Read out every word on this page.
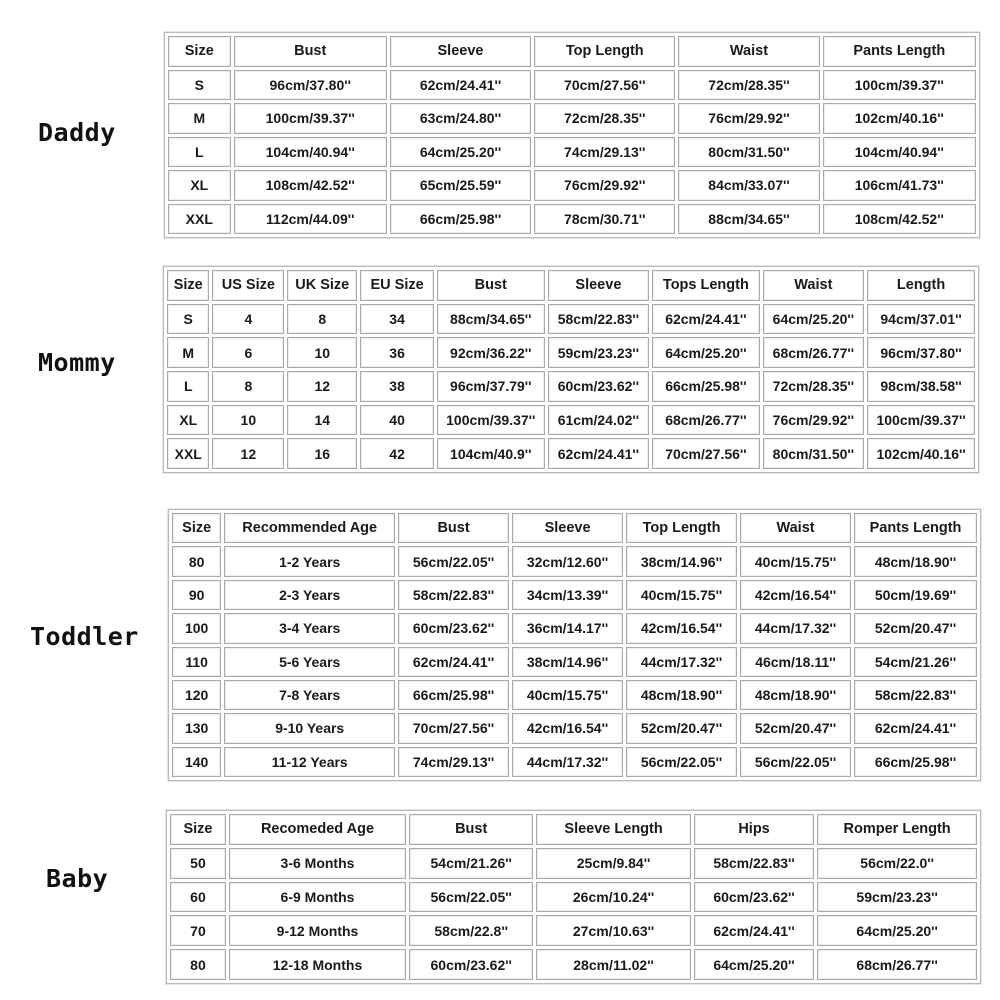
Daddy
Size	Bust	Sleeve	Top Length	Waist	Pants Length
S	96cm/37.80''	62cm/24.41''	70cm/27.56''	72cm/28.35''	100cm/39.37''
M	100cm/39.37''	63cm/24.80''	72cm/28.35''	76cm/29.92''	102cm/40.16''
L	104cm/40.94''	64cm/25.20''	74cm/29.13''	80cm/31.50''	104cm/40.94''
XL	108cm/42.52''	65cm/25.59''	76cm/29.92''	84cm/33.07''	106cm/41.73''
XXL	112cm/44.09''	66cm/25.98''	78cm/30.71''	88cm/34.65''	108cm/42.52''
Mommy
Size	US Size	UK Size	EU Size	Bust	Sleeve	Tops Length	Waist	Length
S	4	8	34	88cm/34.65''	58cm/22.83''	62cm/24.41''	64cm/25.20''	94cm/37.01''
M	6	10	36	92cm/36.22''	59cm/23.23''	64cm/25.20''	68cm/26.77''	96cm/37.80''
L	8	12	38	96cm/37.79''	60cm/23.62''	66cm/25.98''	72cm/28.35''	98cm/38.58''
XL	10	14	40	100cm/39.37''	61cm/24.02''	68cm/26.77''	76cm/29.92''	100cm/39.37''
XXL	12	16	42	104cm/40.9''	62cm/24.41''	70cm/27.56''	80cm/31.50''	102cm/40.16''
Toddler
Size	Recommended Age	Bust	Sleeve	Top Length	Waist	Pants Length
80	1-2 Years	56cm/22.05''	32cm/12.60''	38cm/14.96''	40cm/15.75''	48cm/18.90''
90	2-3 Years	58cm/22.83''	34cm/13.39''	40cm/15.75''	42cm/16.54''	50cm/19.69''
100	3-4 Years	60cm/23.62''	36cm/14.17''	42cm/16.54''	44cm/17.32''	52cm/20.47''
110	5-6 Years	62cm/24.41''	38cm/14.96''	44cm/17.32''	46cm/18.11''	54cm/21.26''
120	7-8 Years	66cm/25.98''	40cm/15.75''	48cm/18.90''	48cm/18.90''	58cm/22.83''
130	9-10 Years	70cm/27.56''	42cm/16.54''	52cm/20.47''	52cm/20.47''	62cm/24.41''
140	11-12 Years	74cm/29.13''	44cm/17.32''	56cm/22.05''	56cm/22.05''	66cm/25.98''
Baby
Size	Recomeded Age	Bust	Sleeve Length	Hips	Romper Length
50	3-6 Months	54cm/21.26''	25cm/9.84''	58cm/22.83''	56cm/22.0''
60	6-9 Months	56cm/22.05''	26cm/10.24''	60cm/23.62''	59cm/23.23''
70	9-12 Months	58cm/22.8''	27cm/10.63''	62cm/24.41''	64cm/25.20''
80	12-18 Months	60cm/23.62''	28cm/11.02''	64cm/25.20''	68cm/26.77''
